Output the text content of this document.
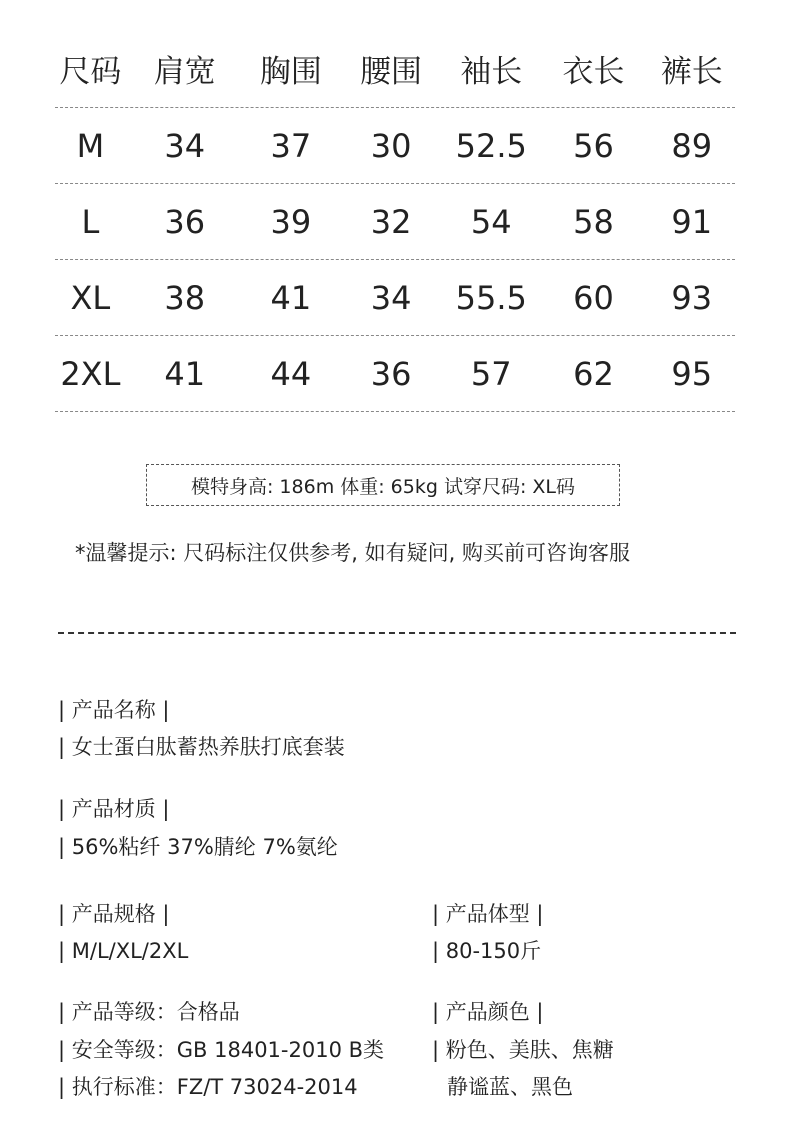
尺码	肩宽	胸围	腰围	袖长	衣长	裤长
M	34	37	30	52.5	56	89
L	36	39	32	54	58	91
XL	38	41	34	55.5	60	93
2XL	41	44	36	57	62	95
模特身高: 186m 体重: 65kg 试穿尺码: XL码
*温馨提示: 尺码标注仅供参考, 如有疑问, 购买前可咨询客服
| 产品名称 |
| 女士蛋白肽蓄热养肤打底套装
| 产品材质 |
| 56%粘纤 37%腈纶 7%氨纶
| 产品规格 |
| M/L/XL/2XL
| 产品体型 |
| 80-150斤
| 产品等级：合格品
| 安全等级：GB 18401-2010 B类
| 执行标准：FZ/T 73024-2014
| 产品颜色 |
| 粉色、美肤、焦糖
静谧蓝、黑色
